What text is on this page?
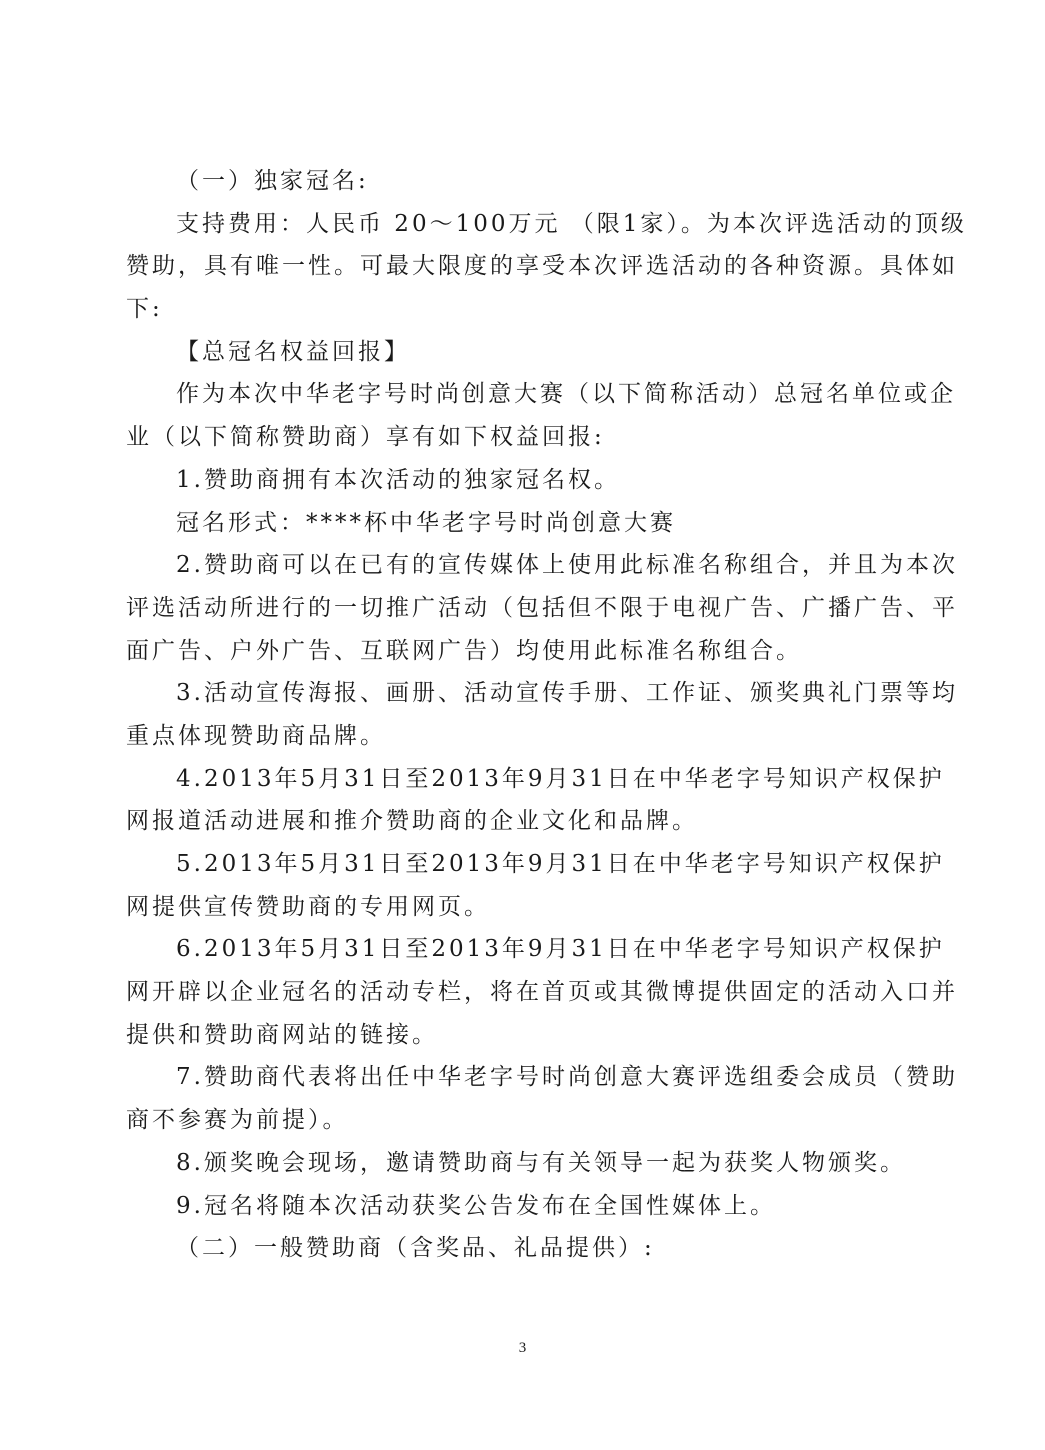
（一）独家冠名:
支持费用：人民币 20～100万元 （限1家）。为本次评选活动的顶级
赞助，具有唯一性。可最大限度的享受本次评选活动的各种资源。具体如
下:
【总冠名权益回报】
作为本次中华老字号时尚创意大赛（以下简称活动）总冠名单位或企
业（以下简称赞助商）享有如下权益回报:
1.赞助商拥有本次活动的独家冠名权。
冠名形式：****杯中华老字号时尚创意大赛
2.赞助商可以在已有的宣传媒体上使用此标准名称组合，并且为本次
评选活动所进行的一切推广活动（包括但不限于电视广告、广播广告、平
面广告、户外广告、互联网广告）均使用此标准名称组合。
3.活动宣传海报、画册、活动宣传手册、工作证、颁奖典礼门票等均
重点体现赞助商品牌。
4.2013年5月31日至2013年9月31日在中华老字号知识产权保护
网报道活动进展和推介赞助商的企业文化和品牌。
5.2013年5月31日至2013年9月31日在中华老字号知识产权保护
网提供宣传赞助商的专用网页。
6.2013年5月31日至2013年9月31日在中华老字号知识产权保护
网开辟以企业冠名的活动专栏，将在首页或其微博提供固定的活动入口并
提供和赞助商网站的链接。
7.赞助商代表将出任中华老字号时尚创意大赛评选组委会成员（赞助
商不参赛为前提）。
8.颁奖晚会现场，邀请赞助商与有关领导一起为获奖人物颁奖。
9.冠名将随本次活动获奖公告发布在全国性媒体上。
（二）一般赞助商（含奖品、礼品提供）:
3
